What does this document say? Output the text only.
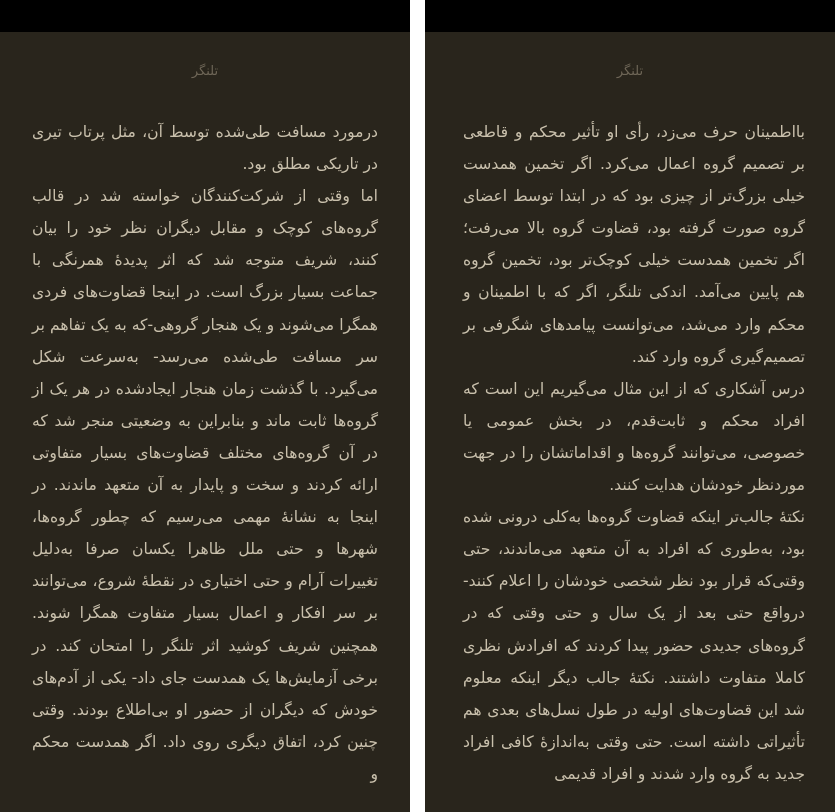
تلنگر

درمورد مسافت طی‌شده توسط آن، مثل پرتاب تیری در تاریکی مطلق بود.

اما وقتی از شرکت‌کنندگان خواسته شد در قالب گروه‌های کوچک و مقابل دیگران نظر خود را بیان کنند، شریف متوجه شد که اثر پدیدهٔ همرنگی با جماعت بسیار بزرگ است. در اینجا قضاوت‌های فردی همگرا می‌شوند و یک هنجار گروهی-که به یک تفاهم بر سر مسافت طی‌شده می‌رسد- به‌سرعت شکل می‌گیرد. با گذشت زمان هنجار ایجادشده در هر یک از گروه‌ها ثابت ماند و بنابراین به وضعیتی منجر شد که در آن گروه‌های مختلف قضاوت‌های بسیار متفاوتی ارائه کردند و سخت و پایدار به آن متعهد ماندند. در اینجا به نشانهٔ مهمی می‌رسیم که چطور گروه‌ها، شهرها و حتی ملل ظاهرا یکسان صرفا به‌دلیل تغییرات آرام و حتی اختیاری در نقطهٔ شروع، می‌توانند بر سر افکار و اعمال بسیار متفاوت همگرا شوند. همچنین شریف کوشید اثر تلنگر را امتحان کند. در برخی آزمایش‌ها یک همدست جای داد- یکی از آدم‌های خودش که دیگران از حضور او بی‌اطلاع بودند. وقتی چنین کرد، اتفاق دیگری روی داد. اگر همدست محکم و

تلنگر

بااطمینان حرف می‌زد، رأی او تأثیر محکم و قاطعی بر تصمیم گروه اعمال می‌کرد. اگر تخمین همدست خیلی بزرگ‌تر از چیزی بود که در ابتدا توسط اعضای گروه صورت گرفته بود، قضاوت گروه بالا می‌رفت؛ اگر تخمین همدست خیلی کوچک‌تر بود، تخمین گروه هم پایین می‌آمد. اندکی تلنگر، اگر که با اطمینان و محکم وارد می‌شد، می‌توانست پیامدهای شگرفی بر تصمیم‌گیری گروه وارد کند.

درس آشکاری که از این مثال می‌گیریم این است که افراد محکم و ثابت‌قدم، در بخش عمومی یا خصوصی، می‌توانند گروه‌ها و اقداماتشان را در جهت موردنظر خودشان هدایت کنند.

نکتهٔ جالب‌تر اینکه قضاوت گروه‌ها به‌کلی درونی شده بود، به‌طوری که افراد به آن متعهد می‌ماندند، حتی وقتی‌که قرار بود نظر شخصی خودشان را اعلام کنند- درواقع حتی بعد از یک سال و حتی وقتی که در گروه‌های جدیدی حضور پیدا کردند که افرادش نظری کاملا متفاوت داشتند. نکتهٔ جالب دیگر اینکه معلوم شد این قضاوت‌های اولیه در طول نسل‌های بعدی هم تأثیراتی داشته است. حتی وقتی به‌اندازهٔ کافی افراد جدید به گروه وارد شدند و افراد قدیمی
